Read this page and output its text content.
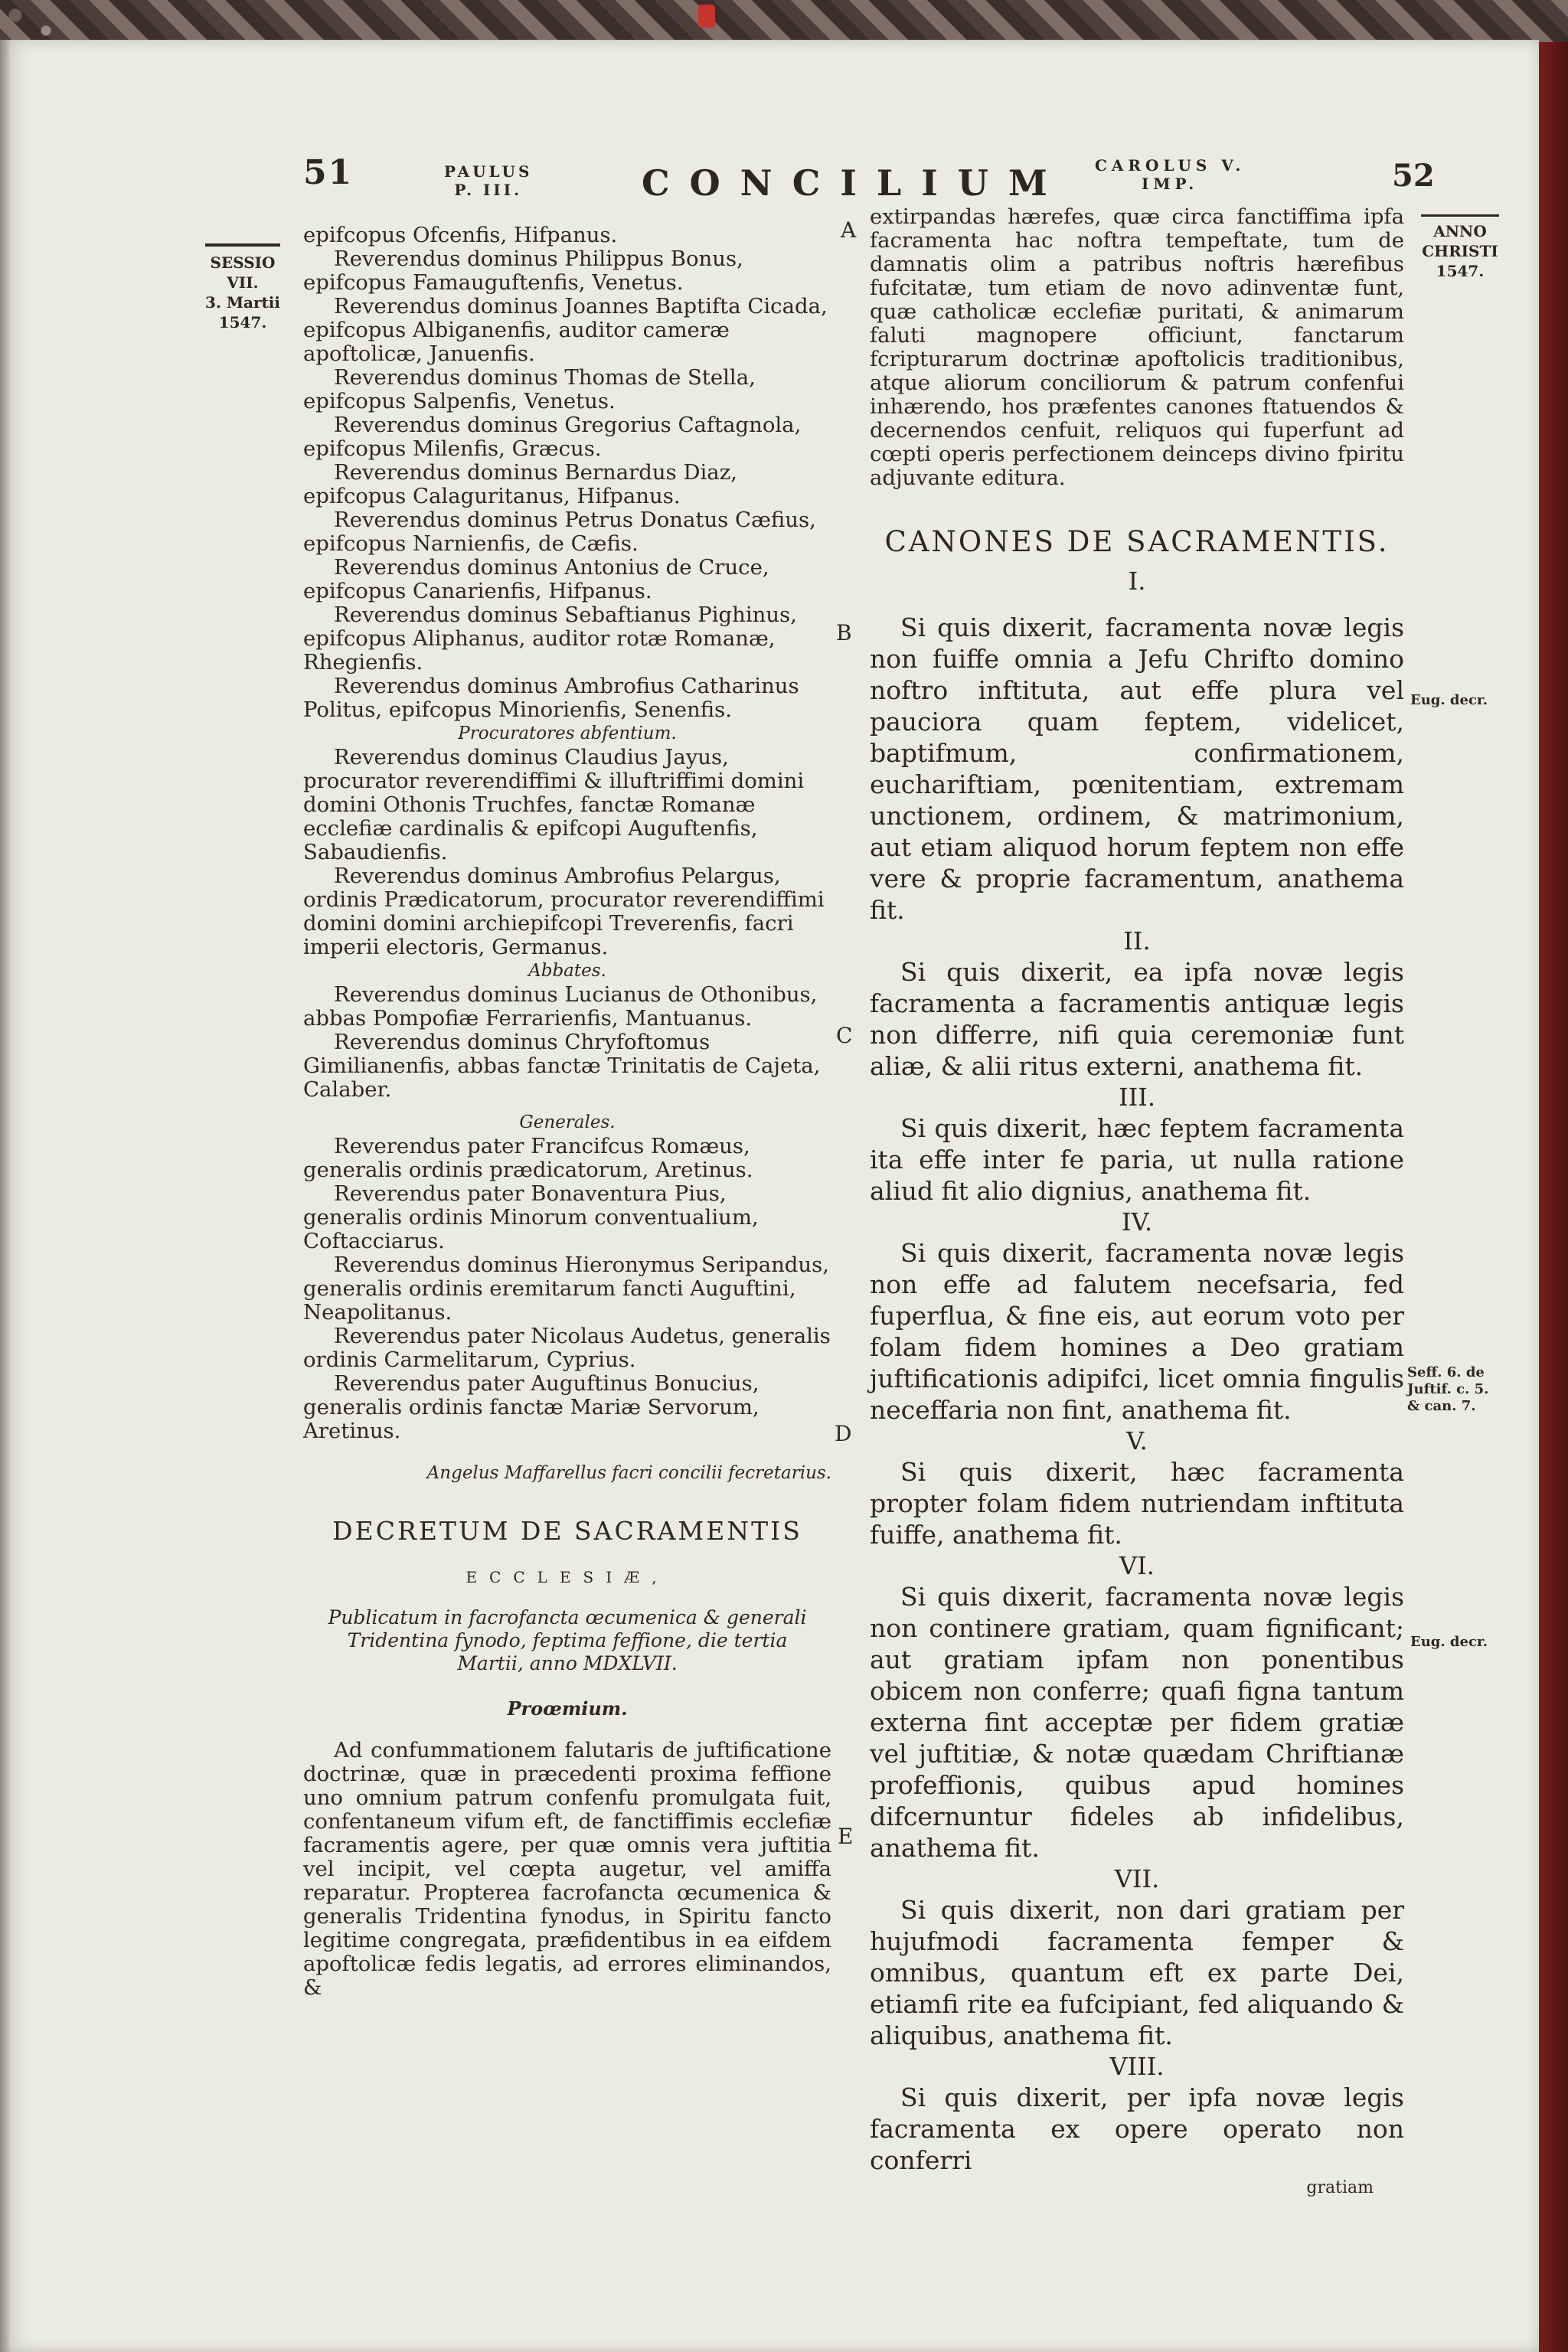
51	PAULUS
P. III.	CONCILIUM CAROLUS V.
IMP.	52
SESSIO
VII.
3. Martii
1547.
ANNO
CHRISTI
1547.
Eug. decr.
Seff. 6. de
Juftif. c. 5.
& can. 7.
Eug. decr.
A
B
C
D
E

epifcopus Ofcenfis, Hifpanus.

Reverendus dominus Philippus Bonus, epifcopus Famauguftenfis, Venetus.

Reverendus dominus Joannes Baptifta Cicada, epifcopus Albiganenfis, auditor cameræ apoftolicæ, Januenfis.

Reverendus dominus Thomas de Stella, epifcopus Salpenfis, Venetus.

Reverendus dominus Gregorius Caftagnola, epifcopus Milenfis, Græcus.

Reverendus dominus Bernardus Diaz, epifcopus Calaguritanus, Hifpanus.

Reverendus dominus Petrus Donatus Cæfius, epifcopus Narnienfis, de Cæfis.

Reverendus dominus Antonius de Cruce, epifcopus Canarienfis, Hifpanus.

Reverendus dominus Sebaftianus Pighinus, epifcopus Aliphanus, auditor rotæ Romanæ, Rhegienfis.

Reverendus dominus Ambrofius Catharinus Politus, epifcopus Minorienfis, Senenfis.

Procuratores abfentium.

Reverendus dominus Claudius Jayus, procurator reverendiffimi & illuftriffimi domini domini Othonis Truchfes, fanctæ Romanæ ecclefiæ cardinalis & epifcopi Auguftenfis, Sabaudienfis.

Reverendus dominus Ambrofius Pelargus, ordinis Prædicatorum, procurator reverendiffimi domini domini archiepifcopi Treverenfis, facri imperii electoris, Germanus.

Abbates.

Reverendus dominus Lucianus de Othonibus, abbas Pompofiæ Ferrarienfis, Mantuanus.

Reverendus dominus Chryfoftomus Gimilianenfis, abbas fanctæ Trinitatis de Cajeta, Calaber.

Generales.

Reverendus pater Francifcus Romæus, generalis ordinis prædicatorum, Aretinus.

Reverendus pater Bonaventura Pius, generalis ordinis Minorum conventualium, Coftacciarus.

Reverendus dominus Hieronymus Seripandus, generalis ordinis eremitarum fancti Auguftini, Neapolitanus.

Reverendus pater Nicolaus Audetus, generalis ordinis Carmelitarum, Cyprius.

Reverendus pater Auguftinus Bonucius, generalis ordinis fanctæ Mariæ Servorum, Aretinus.

Angelus Maffarellus facri concilii fecretarius.

DECRETUM DE SACRAMENTIS

ECCLESIÆ,

Publicatum in facrofancta œcumenica & generali Tridentina fynodo, feptima feffione, die tertia Martii, anno MDXLVII.

Proœmium.

Ad confummationem falutaris de juftificatione doctrinæ, quæ in præcedenti proxima feffione uno omnium patrum confenfu promulgata fuit, confentaneum vifum eft, de fanctiffimis ecclefiæ facramentis agere, per quæ omnis vera juftitia vel incipit, vel cœpta augetur, vel amiffa reparatur. Propterea facrofancta œcumenica & generalis Tridentina fynodus, in Spiritu fancto legitime congregata, præfidentibus in ea eifdem apoftolicæ fedis legatis, ad errores eliminandos, &

extirpandas hærefes, quæ circa fanctiffima ipfa facramenta hac noftra tempeftate, tum de damnatis olim a patribus noftris hærefibus fufcitatæ, tum etiam de novo adinventæ funt, quæ catholicæ ecclefiæ puritati, & animarum faluti magnopere officiunt, fanctarum fcripturarum doctrinæ apoftolicis traditionibus, atque aliorum conciliorum & patrum confenfui inhærendo, hos præfentes canones ftatuendos & decernendos cenfuit, reliquos qui fuperfunt ad cœpti operis perfectionem deinceps divino fpiritu adjuvante editura.

CANONES DE SACRAMENTIS.

I.

Si quis dixerit, facramenta novæ legis non fuiffe omnia a Jefu Chrifto domino noftro inftituta, aut effe plura vel pauciora quam feptem, videlicet, baptifmum, confirmationem, euchariftiam, pœnitentiam, extremam unctionem, ordinem, & matrimonium, aut etiam aliquod horum feptem non effe vere & proprie facramentum, anathema fit.

II.

Si quis dixerit, ea ipfa novæ legis facramenta a facramentis antiquæ legis non differre, nifi quia ceremoniæ funt aliæ, & alii ritus externi, anathema fit.

III.

Si quis dixerit, hæc feptem facramenta ita effe inter fe paria, ut nulla ratione aliud fit alio dignius, anathema fit.

IV.

Si quis dixerit, facramenta novæ legis non effe ad falutem necefsaria, fed fuperflua, & fine eis, aut eorum voto per folam fidem homines a Deo gratiam juftificationis adipifci, licet omnia fingulis neceffaria non fint, anathema fit.

V.

Si quis dixerit, hæc facramenta propter folam fidem nutriendam inftituta fuiffe, anathema fit.

VI.

Si quis dixerit, facramenta novæ legis non continere gratiam, quam fignificant; aut gratiam ipfam non ponentibus obicem non conferre; quafi figna tantum externa fint acceptæ per fidem gratiæ vel juftitiæ, & notæ quædam Chriftianæ profeffionis, quibus apud homines difcernuntur fideles ab infidelibus, anathema fit.

VII.

Si quis dixerit, non dari gratiam per hujufmodi facramenta femper & omnibus, quantum eft ex parte Dei, etiamfi rite ea fufcipiant, fed aliquando & aliquibus, anathema fit.

VIII.

Si quis dixerit, per ipfa novæ legis facramenta ex opere operato non conferri

gratiam
